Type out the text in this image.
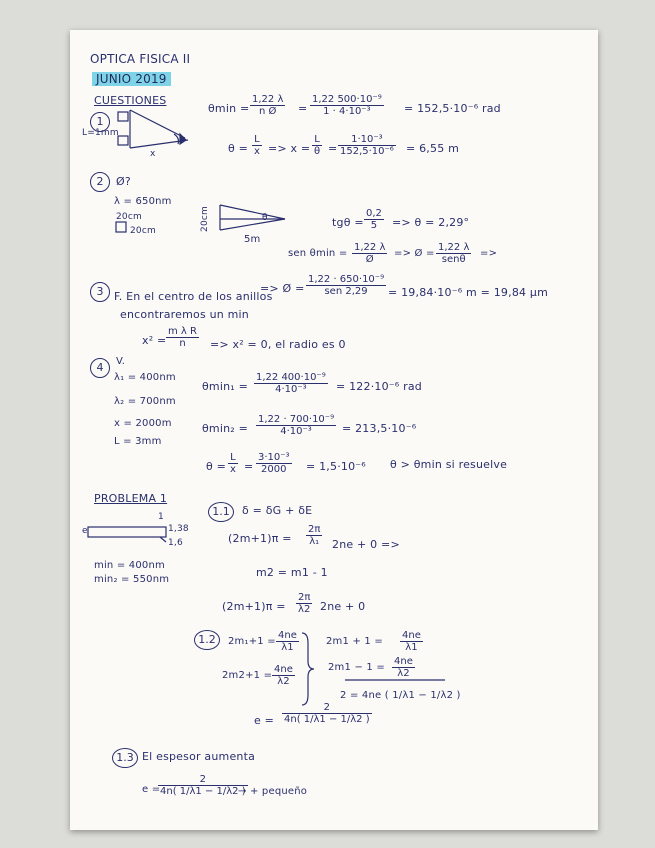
OPTICA FISICA II
JUNIO 2019
CUESTIONES
1
L=1mm
x
$\theta\min = \frac{1,22 \lambda}{\text{n Ø}} = \frac{\text{1,22 500·10⁻⁹}}{\text{1 · 4·10⁻³}} = 152,5\cdot 10^{-6}$ rad
$\theta = \frac{L}{x} => x = \frac{L}{\theta} = \frac{\text{1·10⁻³}}{\text{152,5·10⁻⁶}} = 6,55$ m
2	Ø?
λ = 650nm
20cm
20cm	20cm	θ
5m
$tg\theta = \frac{0,2}{5} => \theta = 2,29^\circ$
sen $\theta\min = \frac{1,22 \lambda}{Ø}$ => Ø =
1,22 λ
senθ
=>
=> Ø =
1,22 · 650·10⁻⁹
sen 2,29	= 19,84·10⁻⁶ m = 19,84 μm
3 F. En el centro de los anillos
encontraremos un min
$x^2 = \frac{\text{m λ R}}{n} => x^2 = 0$, el radio es 0
4	V.
λ₁ = 400nm
λ₂ = 700nm
x = 2000m
L = 3mm
$\theta\min_1 = \frac{\text{1,22 400·10⁻⁹}}{\text{4·10⁻³}} = 122\cdot 10^{-6}$ rad
$\theta\min_2 = \frac{\text{1,22 · 700·10⁻⁹}}{\text{4·10⁻³}} = 213,5\cdot 10^{-6}$
$\theta = \frac{L}{x} = \frac{\text{3·10⁻³}}{2000} = 1,5\cdot 10^{-6}$ θ > θmin si resuelve
PROBLEMA 1
1
e	1,38
1,6
min = 400nm
min₂ = 550nm
1.1	δ = δG + δE
$(2m+1)\pi = \frac{2\pi}{\text{λ₁}} 2ne + 0$ =>
m2 = m1 - 1
$(2m+1)\pi = \frac{2\pi}{\lambda 2} 2ne + 0$
1.2	$2m_1+1 = \frac{4ne}{\lambda 1}$
$2m2+1 = \frac{4ne}{\lambda 2}$
$2m1 + 1 = \frac{4ne}{\lambda 1}$
$2m1 - 1 = \frac{4ne}{\lambda 2}$
2 = 4ne ( 1/λ1 − 1/λ2 )
$e = \frac{2}{4n( 1/\lambda 1 - 1/\lambda 2 )}$
1.3 El espesor aumenta
e =
$\frac{2}{4n( 1/\lambda 1 - 1/\lambda 2 )}$
→ + pequeño
